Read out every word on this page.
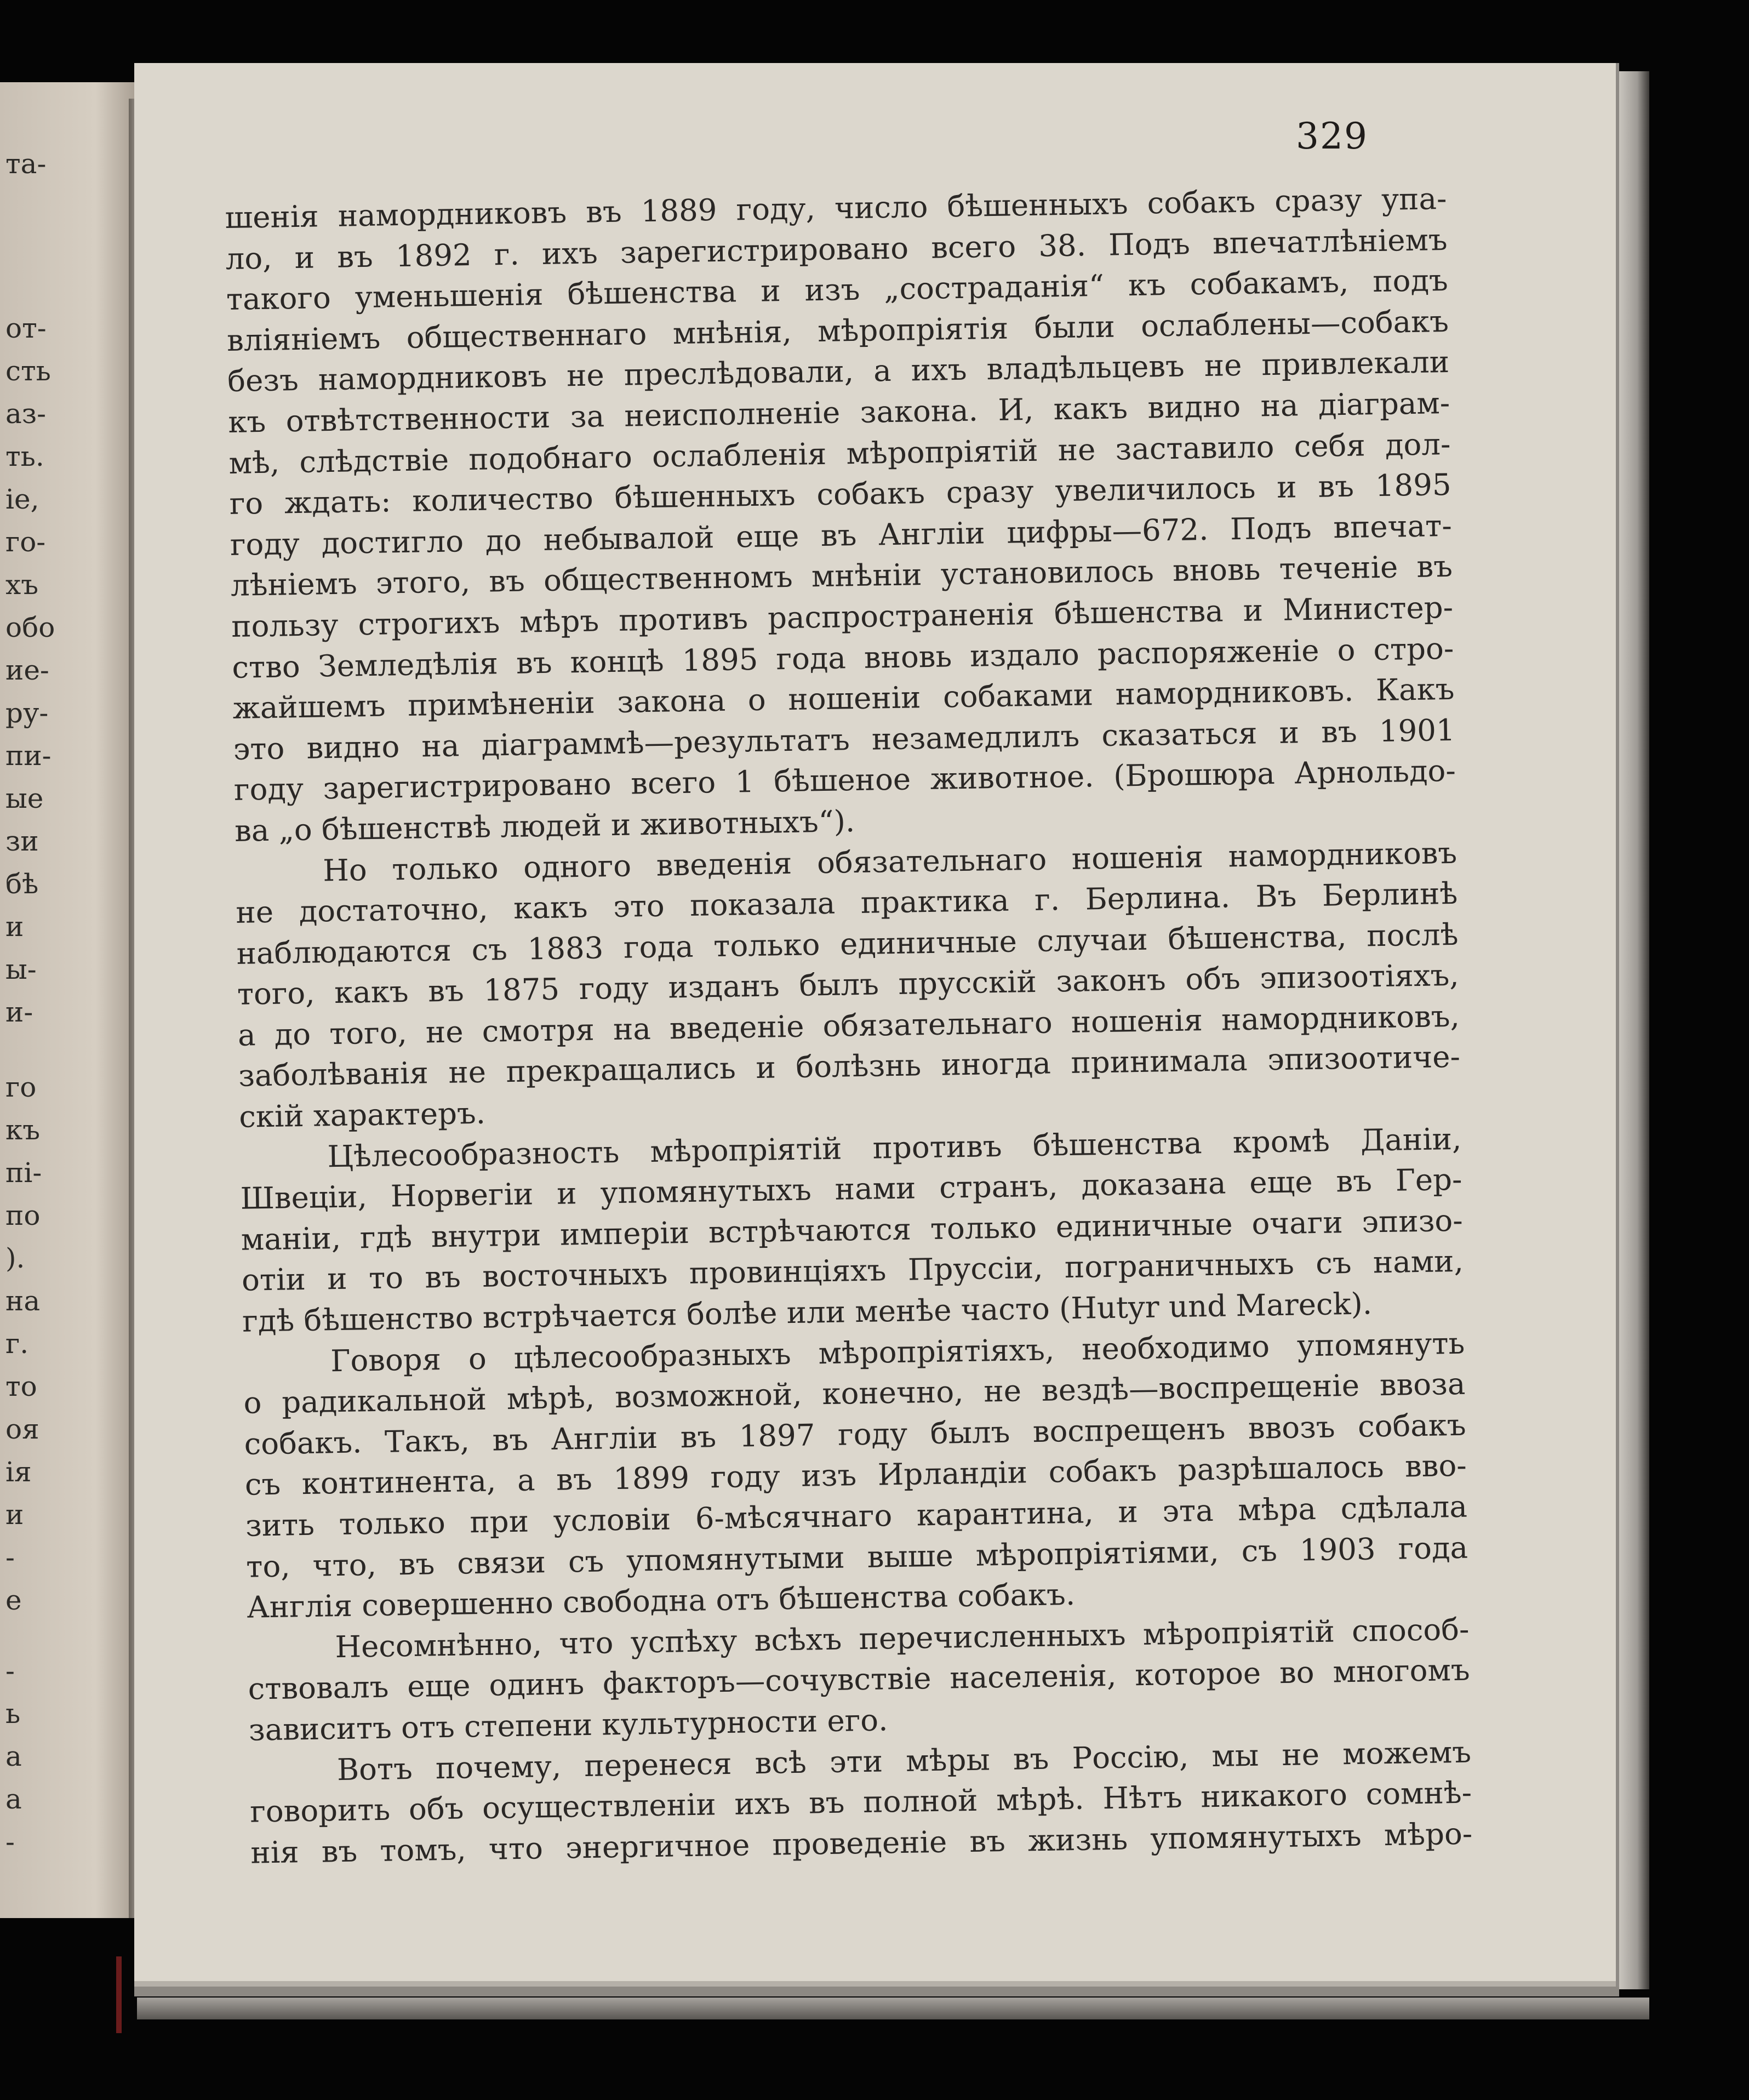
та-
от-
сть
аз-
ть.
іе,
го-
хъ
обо
ие-
ру-
пи-
ые
зи
бѣ
и
ы-
и-
го
къ
пі-
по
).
на
г.
то
оя
ія
и
-
е
-
ь
а
а
-
329
шенія намордниковъ въ 1889 году, число бѣшенныхъ собакъ сразу упа-
ло, и въ 1892 г. ихъ зарегистрировано всего 38. Подъ впечатлѣніемъ
такого уменьшенія бѣшенства и изъ „состраданія“ къ собакамъ, подъ
вліяніемъ общественнаго мнѣнія, мѣропріятія были ослаблены—собакъ
безъ намордниковъ не преслѣдовали, а ихъ владѣльцевъ не привлекали
къ отвѣтственности за неисполненіе закона. И, какъ видно на діаграм-
мѣ, слѣдствіе подобнаго ослабленія мѣропріятій не заставило себя дол-
го ждать: количество бѣшенныхъ собакъ сразу увеличилось и въ 1895
году достигло до небывалой еще въ Англіи цифры—672. Подъ впечат-
лѣніемъ этого, въ общественномъ мнѣніи установилось вновь теченіе въ
пользу строгихъ мѣръ противъ распространенія бѣшенства и Министер-
ство Земледѣлія въ концѣ 1895 года вновь издало распоряженіе о стро-
жайшемъ примѣненіи закона о ношеніи собаками намордниковъ. Какъ
это видно на діаграммѣ—результатъ незамедлилъ сказаться и въ 1901
году зарегистрировано всего 1 бѣшеное животное. (Брошюра Арнольдо-
ва „о бѣшенствѣ людей и животныхъ“).
Но только одного введенія обязательнаго ношенія намордниковъ
не достаточно, какъ это показала практика г. Берлина. Въ Берлинѣ
наблюдаются съ 1883 года только единичные случаи бѣшенства, послѣ
того, какъ въ 1875 году изданъ былъ прусскій законъ объ эпизоотіяхъ,
а до того, не смотря на введеніе обязательнаго ношенія намордниковъ,
заболѣванія не прекращались и болѣзнь иногда принимала эпизоотиче-
скій характеръ.
Цѣлесообразность мѣропріятій противъ бѣшенства кромѣ Даніи,
Швеціи, Норвегіи и упомянутыхъ нами странъ, доказана еще въ Гер-
маніи, гдѣ внутри имперіи встрѣчаются только единичные очаги эпизо-
отіи и то въ восточныхъ провинціяхъ Пруссіи, пограничныхъ съ нами,
гдѣ бѣшенство встрѣчается болѣе или менѣе часто (Hutyr und Mareck).
Говоря о цѣлесообразныхъ мѣропріятіяхъ, необходимо упомянуть
о радикальной мѣрѣ, возможной, конечно, не вездѣ—воспрещеніе ввоза
собакъ. Такъ, въ Англіи въ 1897 году былъ воспрещенъ ввозъ собакъ
съ континента, а въ 1899 году изъ Ирландіи собакъ разрѣшалось вво-
зить только при условіи 6-мѣсячнаго карантина, и эта мѣра сдѣлала
то, что, въ связи съ упомянутыми выше мѣропріятіями, съ 1903 года
Англія совершенно свободна отъ бѣшенства собакъ.
Несомнѣнно, что успѣху всѣхъ перечисленныхъ мѣропріятій способ-
ствовалъ еще одинъ факторъ—сочувствіе населенія, которое во многомъ
зависитъ отъ степени культурности его.
Вотъ почему, перенеся всѣ эти мѣры въ Россію, мы не можемъ
говорить объ осуществленіи ихъ въ полной мѣрѣ. Нѣтъ никакого сомнѣ-
нія въ томъ, что энергичное проведеніе въ жизнь упомянутыхъ мѣро-
